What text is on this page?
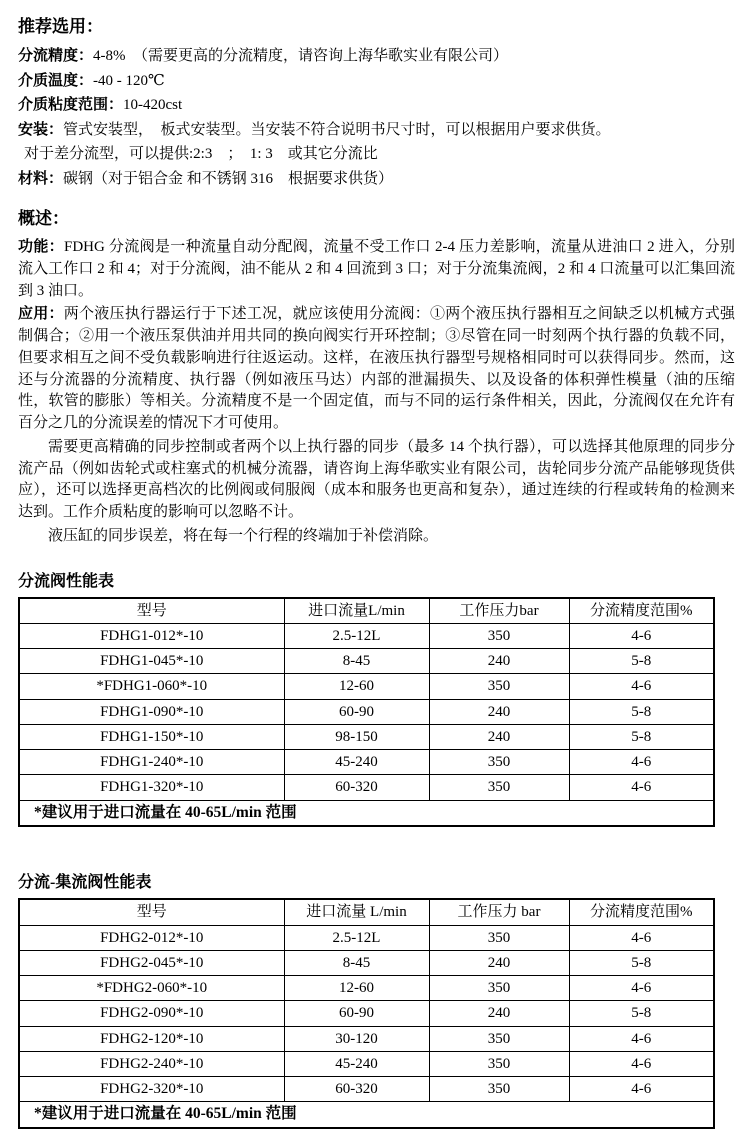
推荐选用：
分流精度：4-8%　（需要更高的分流精度，请咨询上海华歌实业有限公司）
介质温度：-40 - 120℃
介质粘度范围：10-420cst
安装：管式安装型，　板式安装型。当安装不符合说明书尺寸时，可以根据用户要求供货。
对于差分流型，可以提供:2:3　；　1: 3　或其它分流比
材料：碳钢（对于铝合金 和不锈钢 316　根据要求供货）
概述：

功能：FDHG 分流阀是一种流量自动分配阀，流量不受工作口 2-4 压力差影响，流量从进油口 2 进入，分别流入工作口 2 和 4；对于分流阀，油不能从 2 和 4 回流到 3 口；对于分流集流阀，2 和 4 口流量可以汇集回流到 3 油口。

应用：两个液压执行器运行于下述工况，就应该使用分流阀：①两个液压执行器相互之间缺乏以机械方式强制偶合；②用一个液压泵供油并用共同的换向阀实行开环控制；③尽管在同一时刻两个执行器的负载不同，但要求相互之间不受负载影响进行往返运动。这样，在液压执行器型号规格相同时可以获得同步。然而，这还与分流器的分流精度、执行器（例如液压马达）内部的泄漏损失、以及设备的体积弹性模量（油的压缩性，软管的膨胀）等相关。分流精度不是一个固定值，而与不同的运行条件相关，因此，分流阀仅在允许有百分之几的分流误差的情况下才可使用。

需要更高精确的同步控制或者两个以上执行器的同步（最多 14 个执行器），可以选择其他原理的同步分流产品（例如齿轮式或柱塞式的机械分流器，请咨询上海华歌实业有限公司，齿轮同步分流产品能够现货供应），还可以选择更高档次的比例阀或伺服阀（成本和服务也更高和复杂），通过连续的行程或转角的检测来达到。工作介质粘度的影响可以忽略不计。

液压缸的同步误差，将在每一个行程的终端加于补偿消除。

分流阀性能表
型号	进口流量L/min	工作压力bar	分流精度范围%
FDHG1-012*-10	2.5-12L	350	4-6
FDHG1-045*-10	8-45	240	5-8
*FDHG1-060*-10	12-60	350	4-6
FDHG1-090*-10	60-90	240	5-8
FDHG1-150*-10	98-150	240	5-8
FDHG1-240*-10	45-240	350	4-6
FDHG1-320*-10	60-320	350	4-6
*建议用于进口流量在 40-65L/min 范围			
分流-集流阀性能表
型号	进口流量 L/min	工作压力 bar	分流精度范围%
FDHG2-012*-10	2.5-12L	350	4-6
FDHG2-045*-10	8-45	240	5-8
*FDHG2-060*-10	12-60	350	4-6
FDHG2-090*-10	60-90	240	5-8
FDHG2-120*-10	30-120	350	4-6
FDHG2-240*-10	45-240	350	4-6
FDHG2-320*-10	60-320	350	4-6
*建议用于进口流量在 40-65L/min 范围			
